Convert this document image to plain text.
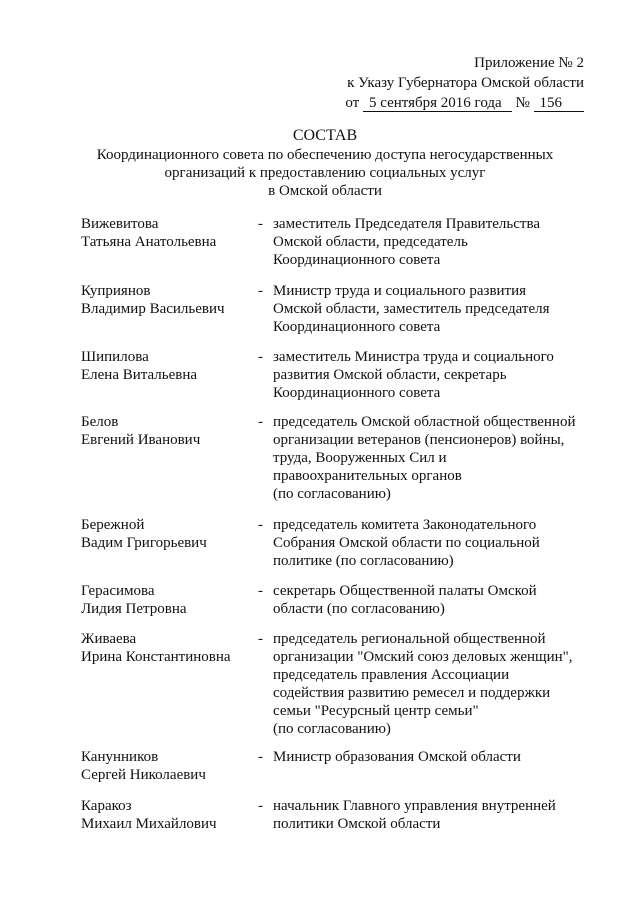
Приложение № 2
к Указу Губернатора Омской области
от 5 сентября 2016 года № 156
СОСТАВ
Координационного совета по обеспечению доступа негосударственных
организаций к предоставлению социальных услуг
в Омской области
Вижевитова
Татьяна Анатольевна
- заместитель Председателя Правительства
Омской области, председатель
Координационного совета
Куприянов
Владимир Васильевич
- Министр труда и социального развития
Омской области, заместитель председателя
Координационного совета
Шипилова
Елена Витальевна
- заместитель Министра труда и социального
развития Омской области, секретарь
Координационного совета
Белов
Евгений Иванович
- председатель Омской областной общественной
организации ветеранов (пенсионеров) войны,
труда, Вооруженных Сил и
правоохранительных органов
(по согласованию)
Бережной
Вадим Григорьевич
- председатель комитета Законодательного
Собрания Омской области по социальной
политике (по согласованию)
Герасимова
Лидия Петровна
- секретарь Общественной палаты Омской
области (по согласованию)
Живаева
Ирина Константиновна
- председатель региональной общественной
организации "Омский союз деловых женщин",
председатель правления Ассоциации
содействия развитию ремесел и поддержки
семьи "Ресурсный центр семьи"
(по согласованию)
Канунников
Сергей Николаевич
- Министр образования Омской области
Каракоз
Михаил Михайлович
- начальник Главного управления внутренней
политики Омской области
